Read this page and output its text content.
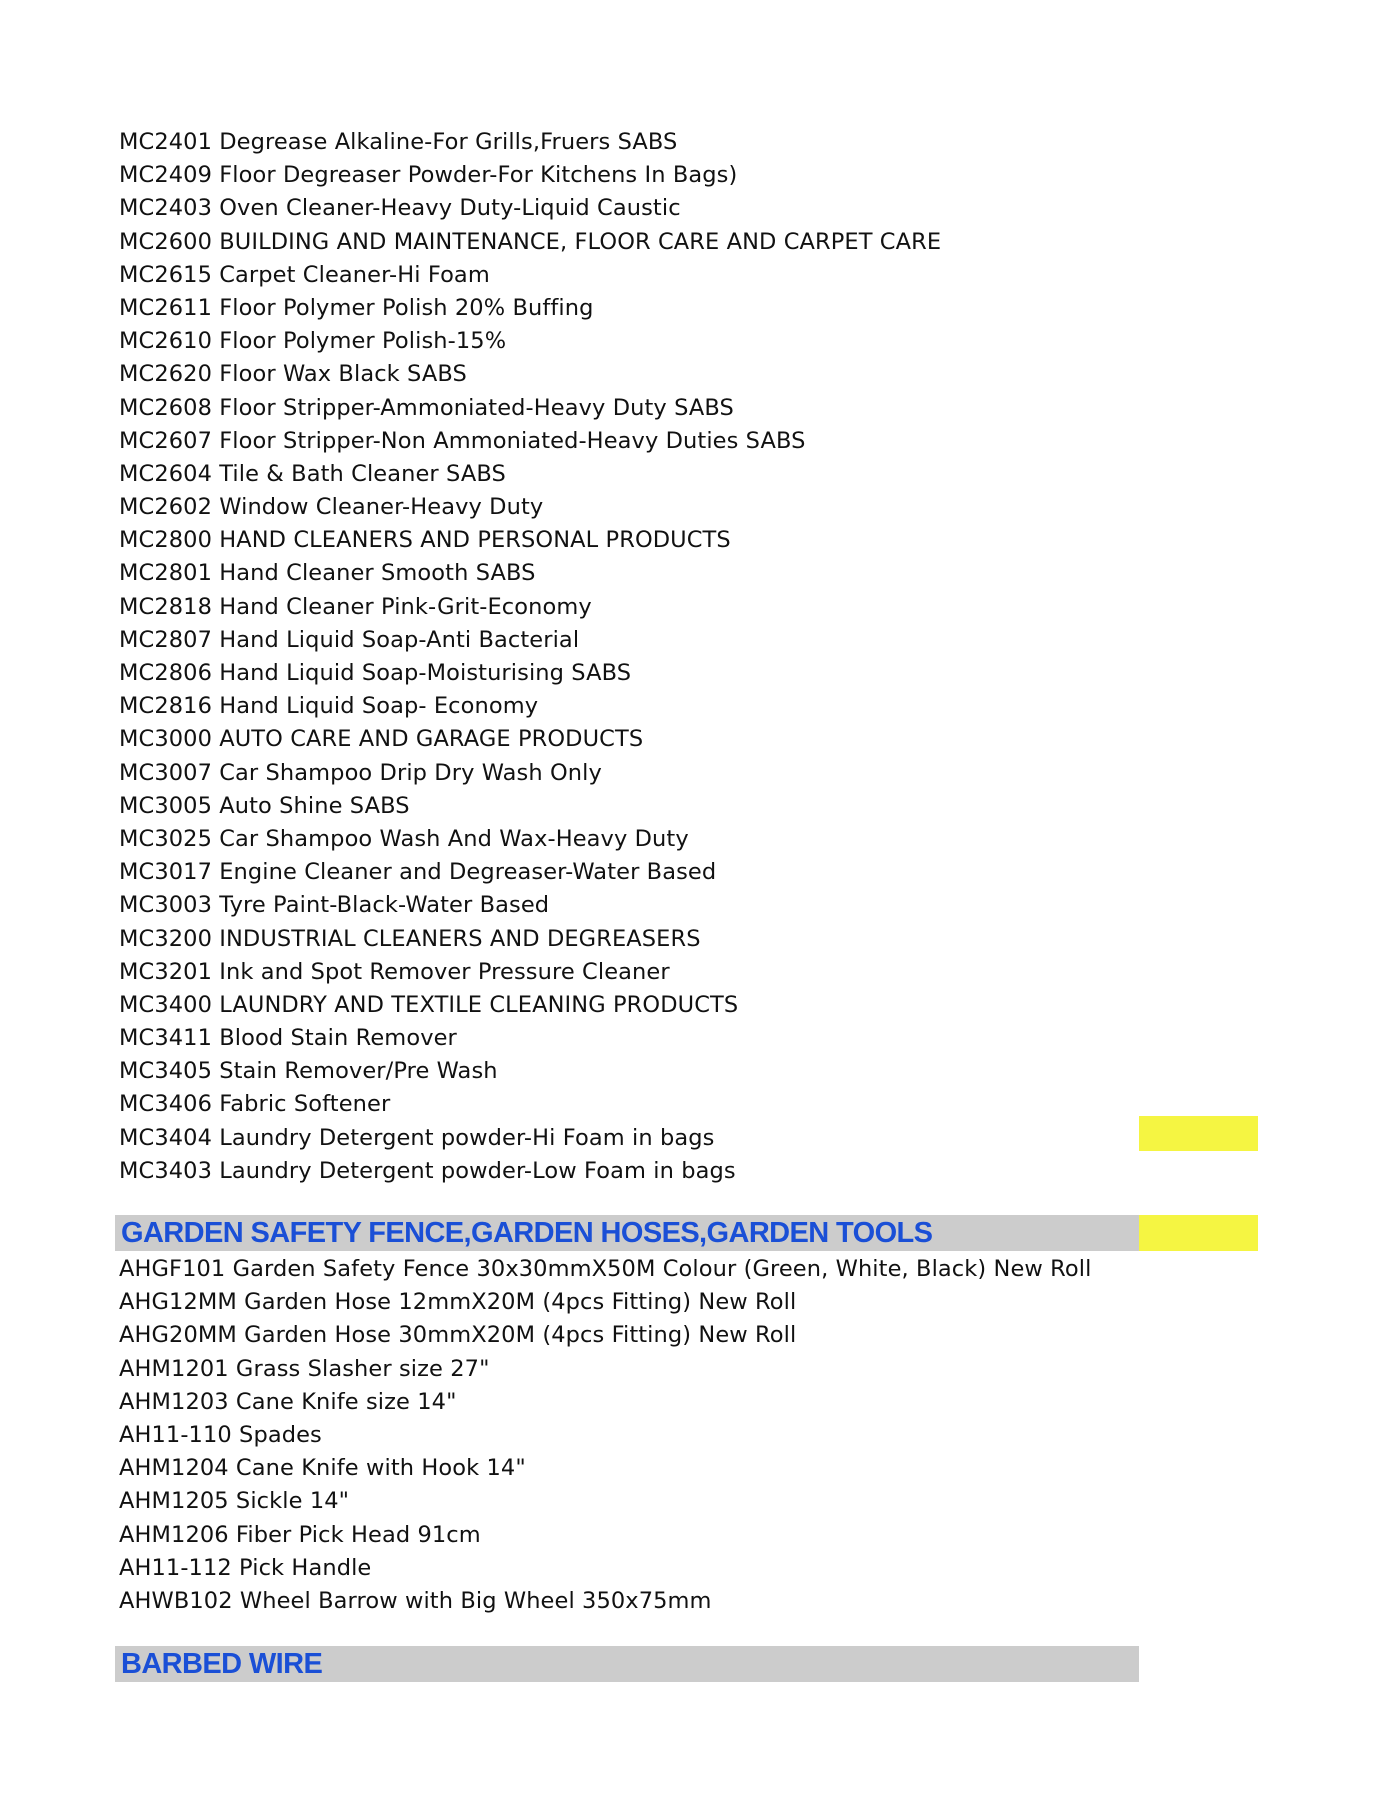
MC2401 Degrease Alkaline-For Grills,Fruers SABS
MC2409 Floor Degreaser Powder-For Kitchens In Bags)
MC2403 Oven Cleaner-Heavy Duty-Liquid Caustic
MC2600 BUILDING AND MAINTENANCE, FLOOR CARE AND CARPET CARE
MC2615 Carpet Cleaner-Hi Foam
MC2611 Floor Polymer Polish 20% Buffing
MC2610 Floor Polymer Polish-15%
MC2620 Floor Wax Black SABS
MC2608 Floor Stripper-Ammoniated-Heavy Duty SABS
MC2607 Floor Stripper-Non Ammoniated-Heavy Duties SABS
MC2604 Tile & Bath Cleaner SABS
MC2602 Window Cleaner-Heavy Duty
MC2800 HAND CLEANERS AND PERSONAL PRODUCTS
MC2801 Hand Cleaner Smooth SABS
MC2818 Hand Cleaner Pink-Grit-Economy
MC2807 Hand Liquid Soap-Anti Bacterial
MC2806 Hand Liquid Soap-Moisturising SABS
MC2816 Hand Liquid Soap- Economy
MC3000 AUTO CARE AND GARAGE PRODUCTS
MC3007 Car Shampoo Drip Dry Wash Only
MC3005 Auto Shine SABS
MC3025 Car Shampoo Wash And Wax-Heavy Duty
MC3017 Engine Cleaner and Degreaser-Water Based
MC3003 Tyre Paint-Black-Water Based
MC3200 INDUSTRIAL CLEANERS AND DEGREASERS
MC3201 Ink and Spot Remover Pressure Cleaner
MC3400 LAUNDRY AND TEXTILE CLEANING PRODUCTS
MC3411 Blood Stain Remover
MC3405 Stain Remover/Pre Wash
MC3406 Fabric Softener
MC3404 Laundry Detergent powder-Hi Foam in bags
MC3403 Laundry Detergent powder-Low Foam in bags
GARDEN SAFETY FENCE,GARDEN HOSES,GARDEN TOOLS
AHGF101 Garden Safety Fence 30x30mmX50M Colour (Green, White, Black) New Roll
AHG12MM Garden Hose 12mmX20M (4pcs Fitting) New Roll
AHG20MM Garden Hose 30mmX20M (4pcs Fitting) New Roll
AHM1201 Grass Slasher size 27"
AHM1203 Cane Knife size 14"
AH11-110 Spades
AHM1204 Cane Knife with Hook 14"
AHM1205 Sickle 14"
AHM1206 Fiber Pick Head 91cm
AH11-112 Pick Handle
AHWB102 Wheel Barrow with Big Wheel 350x75mm
BARBED WIRE
